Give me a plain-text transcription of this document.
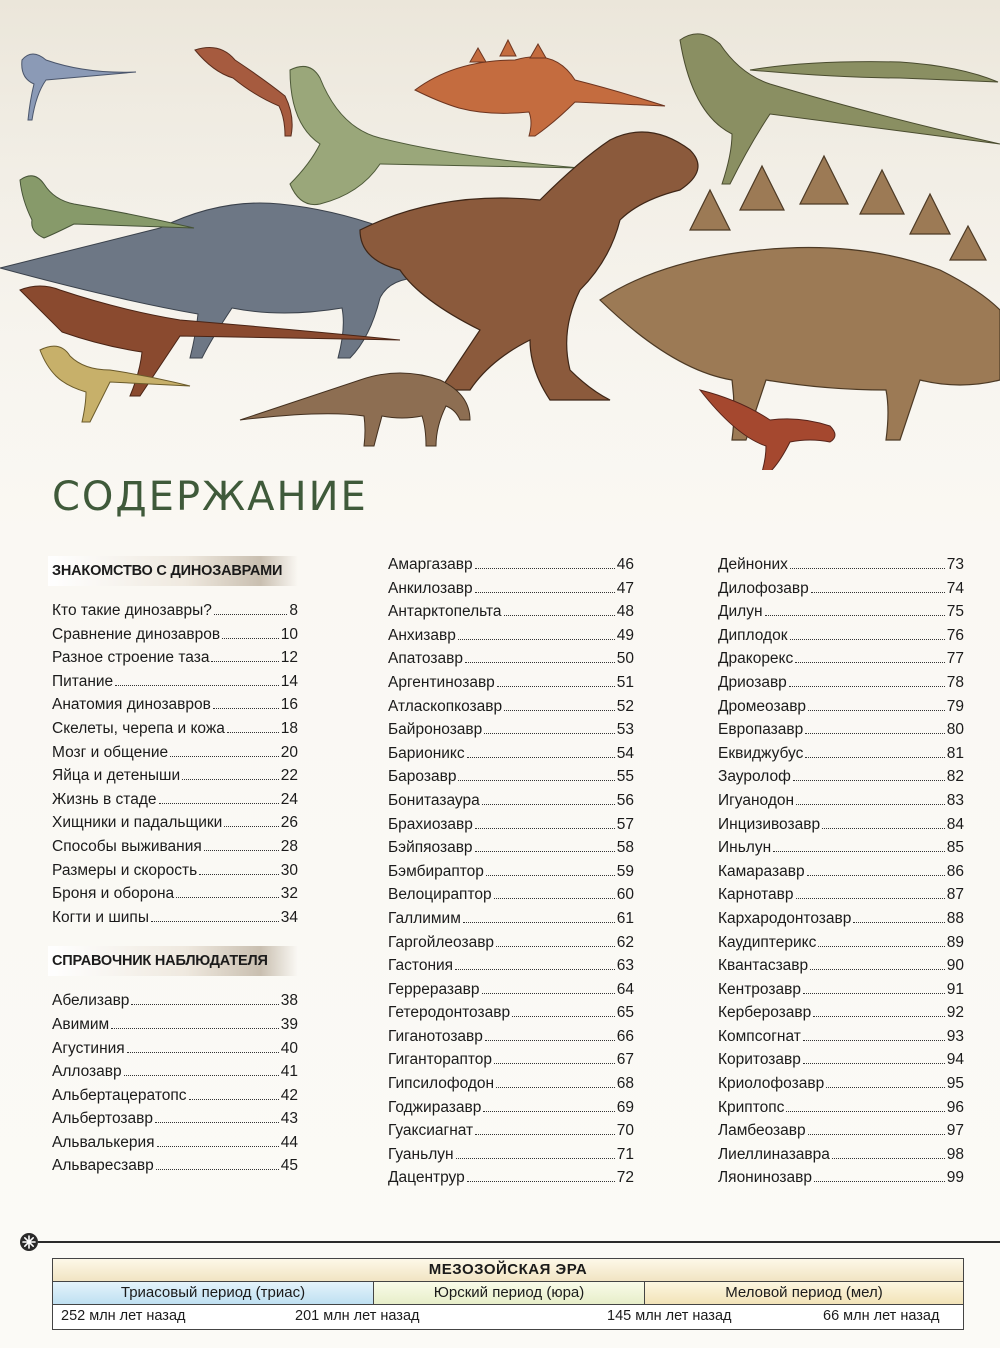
СОДЕРЖАНИЕ
ЗНАКОМСТВО С ДИНОЗАВРАМИ
Кто такие динозавры?	8
Сравнение динозавров	10
Разное строение таза	12
Питание	14
Анатомия динозавров	16
Скелеты, черепа и кожа	18
Мозг и общение	20
Яйца и детеныши	22
Жизнь в стаде	24
Хищники и падальщики	26
Способы выживания	28
Размеры и скорость	30
Броня и оборона	32
Когти и шипы	34
СПРАВОЧНИК НАБЛЮДАТЕЛЯ
Абелизавр	38
Авимим	39
Агустиния	40
Аллозавр	41
Альбертацератопс	42
Альбертозавр	43
Альвалькерия	44
Альваресзавр	45
Амаргазавр	46
Анкилозавр	47
Антарктопельта	48
Анхизавр	49
Апатозавр	50
Аргентинозавр	51
Атласкопкозавр	52
Байронозавр	53
Барионикс	54
Барозавр	55
Бонитазаура	56
Брахиозавр	57
Бэйпяозавр	58
Бэмбираптор	59
Велоцираптор	60
Галлимим	61
Гаргойлеозавр	62
Гастония	63
Герреразавр	64
Гетеродонтозавр	65
Гиганотозавр	66
Гиганторaптор	67
Гипсилофодон	68
Годжиразавр	69
Гуаксиагнат	70
Гуаньлун	71
Дацентрур	72
Дейноних	73
Дилофозавр	74
Дилун	75
Диплодок	76
Дракорекс	77
Дриозавр	78
Дромеозавр	79
Европазавр	80
Еквиджубус	81
Зауролоф	82
Игуанодон	83
Инцизивозавр	84
Иньлун	85
Камаразавр	86
Карнотавр	87
Кархародонтозавр	88
Каудиптерикс	89
Квантасзавр	90
Кентрозавр	91
Керберозавр	92
Компсогнат	93
Коритозавр	94
Криолофозавр	95
Криптопс	96
Ламбеозавр	97
Лиеллиназавра	98
Ляонинозавр	99
МЕЗОЗОЙСКАЯ ЭРА
Триасовый период (триас)	Юрский период (юра)	Меловой период (мел)
252 млн лет назад	201 млн лет назад	145 млн лет назад	66 млн лет назад
